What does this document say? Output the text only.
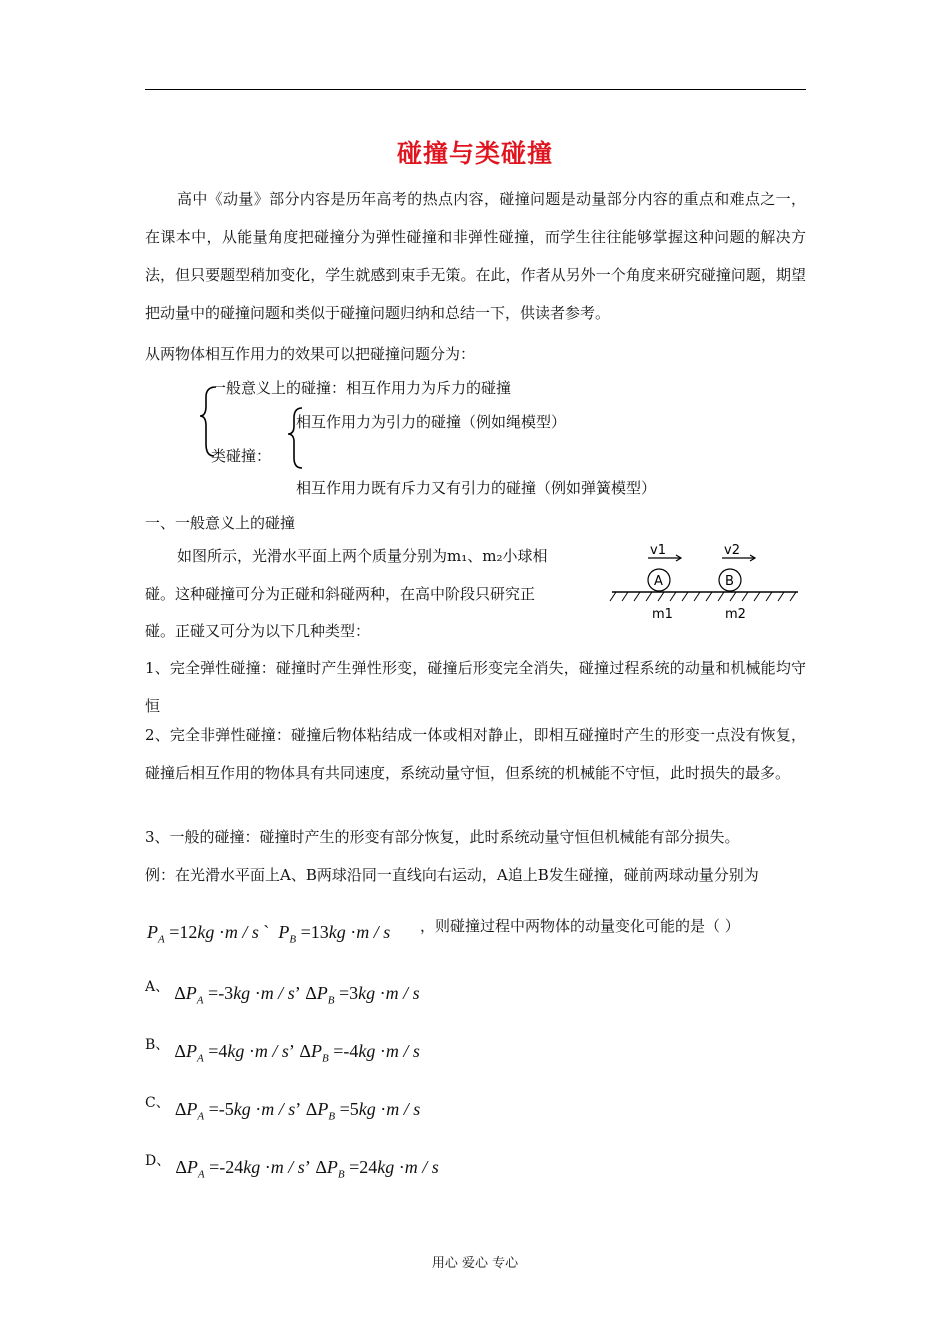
碰撞与类碰撞
高中《动量》部分内容是历年高考的热点内容，碰撞问题是动量部分内容的重点和难点之一，在课本中，从能量角度把碰撞分为弹性碰撞和非弹性碰撞，而学生往往能够掌握这种问题的解决方法，但只要题型稍加变化，学生就感到束手无策。在此，作者从另外一个角度来研究碰撞问题，期望把动量中的碰撞问题和类似于碰撞问题归纳和总结一下，供读者参考。
从两物体相互作用力的效果可以把碰撞问题分为：
一般意义上的碰撞：相互作用力为斥力的碰撞
相互作用力为引力的碰撞（例如绳模型）
类碰撞：
相互作用力既有斥力又有引力的碰撞（例如弹簧模型）
一、一般意义上的碰撞
如图所示，光滑水平面上两个质量分别为m₁、m₂小球相
碰。这种碰撞可分为正碰和斜碰两种，在高中阶段只研究正
碰。正碰又可分为以下几种类型：
v1	v2
A	B
m1	m2
1、完全弹性碰撞：碰撞时产生弹性形变，碰撞后形变完全消失，碰撞过程系统的动量和机械能均守恒
2、完全非弹性碰撞：碰撞后物体粘结成一体或相对静止，即相互碰撞时产生的形变一点没有恢复，碰撞后相互作用的物体具有共同速度，系统动量守恒，但系统的机械能不守恒，此时损失的最多。
3、一般的碰撞：碰撞时产生的形变有部分恢复，此时系统动量守恒但机械能有部分损失。
例：在光滑水平面上A、B两球沿同一直线向右运动，A追上B发生碰撞，碰前两球动量分别为
$P_A =12kg \cdot m / s$ ` $P_B =13kg \cdot m / s$ ，则碰撞过程中两物体的动量变化可能的是（ ）
A、 $\Delta P_A =-3kg \cdot m / s$’ $\Delta P_B =3kg \cdot m / s$
B、 $\Delta P_A =4kg \cdot m / s$’ $\Delta P_B =-4kg \cdot m / s$
C、 $\Delta P_A =-5kg \cdot m / s$’ $\Delta P_B =5kg \cdot m / s$
D、 $\Delta P_A =-24kg \cdot m / s$’ $\Delta P_B =24kg \cdot m / s$
用心 爱心 专心
